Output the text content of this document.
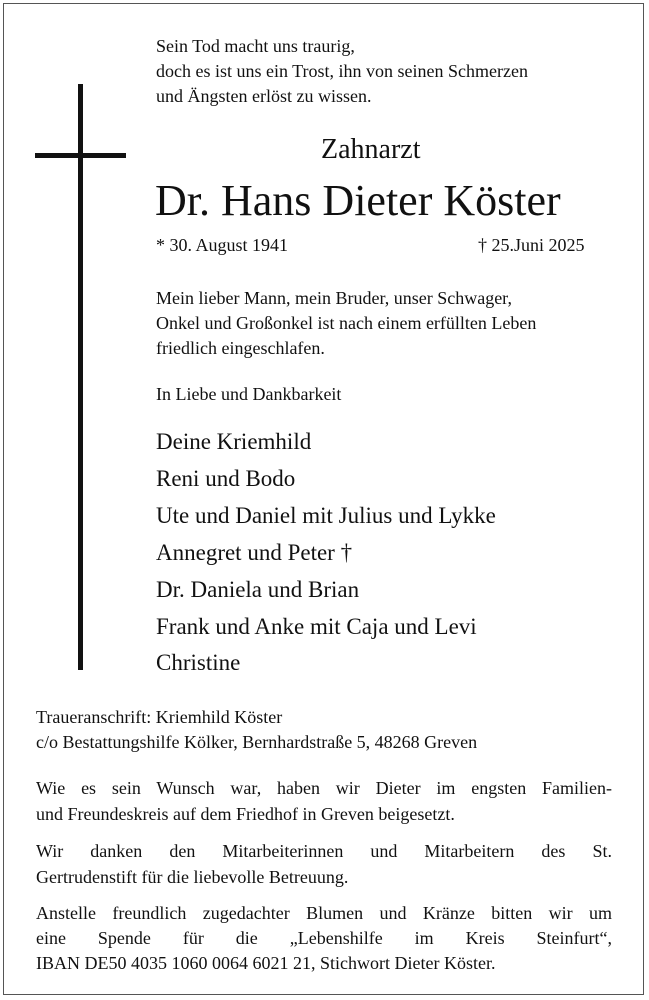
Sein Tod macht uns traurig,
doch es ist uns ein Trost, ihn von seinen Schmerzen
und Ängsten erlöst zu wissen.
Zahnarzt
Dr. Hans Dieter Köster
* 30. August 1941	† 25.Juni 2025
Mein lieber Mann, mein Bruder, unser Schwager,
Onkel und Großonkel ist nach einem erfüllten Leben
friedlich eingeschlafen.
In Liebe und Dankbarkeit
Deine Kriemhild
Reni und Bodo
Ute und Daniel mit Julius und Lykke
Annegret und Peter †
Dr. Daniela und Brian
Frank und Anke mit Caja und Levi
Christine
Traueranschrift: Kriemhild Köster
c/o Bestattungshilfe Kölker, Bernhardstraße 5, 48268 Greven
Wie es sein Wunsch war, haben wir Dieter im engsten Familien-
und Freundeskreis auf dem Friedhof in Greven beigesetzt.
Wir danken den Mitarbeiterinnen und Mitarbeitern des St.
Gertrudenstift für die liebevolle Betreuung.
Anstelle freundlich zugedachter Blumen und Kränze bitten wir um
eine Spende für die „Lebenshilfe im Kreis Steinfurt“,
IBAN DE50 4035 1060 0064 6021 21, Stichwort Dieter Köster.
